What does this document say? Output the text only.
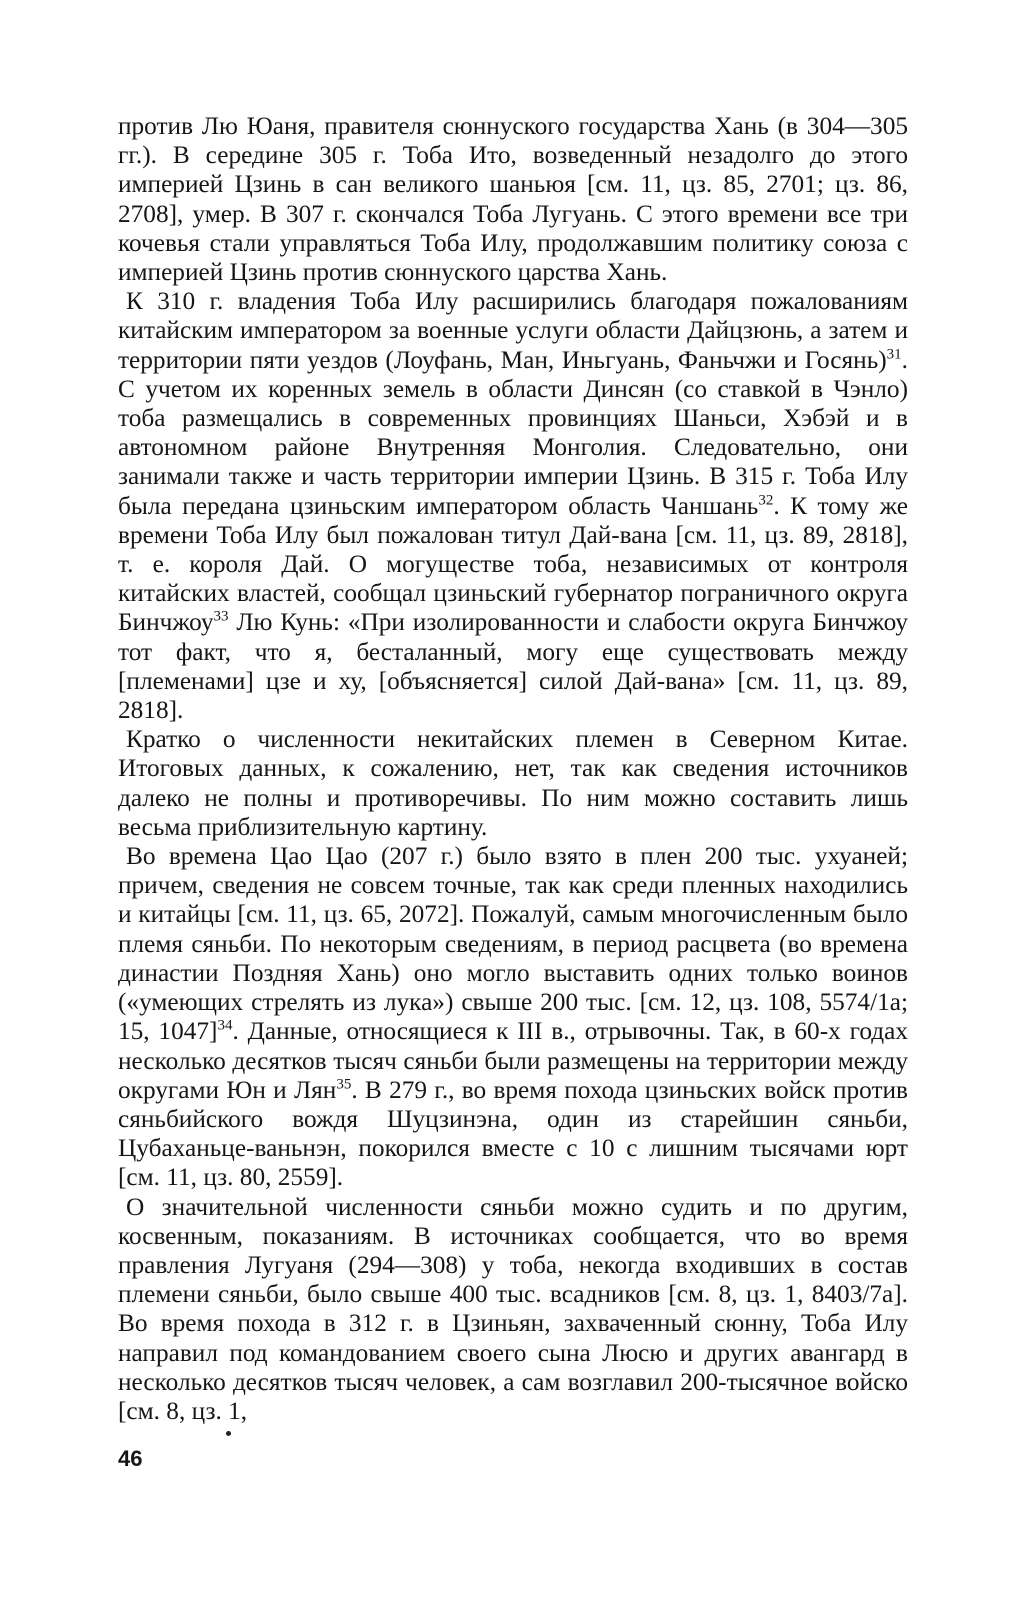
против Лю Юаня, правителя сюннуского государства Хань (в 304—305 гг.). В середине 305 г. Тоба Ито, возведенный незадолго до этого империей Цзинь в сан великого шаньюя [см. 11, цз. 85, 2701; цз. 86, 2708], умер. В 307 г. скончался Тоба Лугуань. С этого времени все три кочевья стали управляться Тоба Илу, продолжавшим политику союза с империей Цзинь против сюннуского царства Хань.

К 310 г. владения Тоба Илу расширились благодаря пожалованиям китайским императором за военные услуги области Дайцзюнь, а затем и территории пяти уездов (Лоуфань, Ман, Иньгуань, Фаньчжи и Госянь)$^{31}$. С учетом их коренных земель в области Динсян (со ставкой в Чэнло) тоба размещались в современных провинциях Шаньси, Хэбэй и в автономном районе Внутренняя Монголия. Следовательно, они занимали также и часть территории империи Цзинь. В 315 г. Тоба Илу была передана цзиньским императором область Чаншань$^{32}$. К тому же времени Тоба Илу был пожалован титул Дай-вана [см. 11, цз. 89, 2818], т. е. короля Дай. О могуществе тоба, независимых от контроля китайских властей, сообщал цзиньский губернатор пограничного округа Бинчжоу$^{33}$ Лю Кунь: «При изолированности и слабости округа Бинчжоу тот факт, что я, бесталанный, могу еще существовать между [племенами] цзе и ху, [объясняется] силой Дай-вана» [см. 11, цз. 89, 2818].

Кратко о численности некитайских племен в Северном Китае. Итоговых данных, к сожалению, нет, так как сведения источников далеко не полны и противоречивы. По ним можно составить лишь весьма приблизительную картину.

Во времена Цао Цао (207 г.) было взято в плен 200 тыс. ухуаней; причем, сведения не совсем точные, так как среди пленных находились и китайцы [см. 11, цз. 65, 2072]. Пожалуй, самым многочисленным было племя сяньби. По некоторым сведениям, в период расцвета (во времена династии Поздняя Хань) оно могло выставить одних только воинов («умеющих стрелять из лука») свыше 200 тыс. [см. 12, цз. 108, 5574/1а; 15, 1047]$^{34}$. Данные, относящиеся к III в., отрывочны. Так, в 60-х годах несколько десятков тысяч сяньби были размещены на территории между округами Юн и Лян$^{35}$. В 279 г., во время похода цзиньских войск против сяньбийского вождя Шуцзинэна, один из старейшин сяньби, Цубаханьце-ваньнэн, покорился вместе с 10 с лишним тысячами юрт [см. 11, цз. 80, 2559].

О значительной численности сяньби можно судить и по другим, косвенным, показаниям. В источниках сообщается, что во время правления Лугуаня (294—308) у тоба, некогда входивших в состав племени сяньби, было свыше 400 тыс. всадников [см. 8, цз. 1, 8403/7а]. Во время похода в 312 г. в Цзиньян, захваченный сюнну, Тоба Илу направил под командованием своего сына Люсю и других авангард в несколько десятков тысяч человек, а сам возглавил 200-тысячное войско [см. 8, цз. 1,

46
